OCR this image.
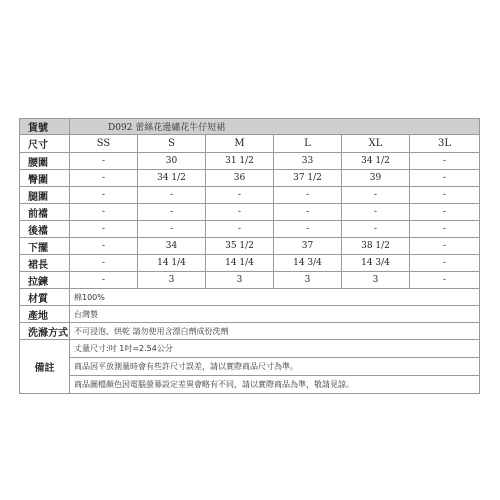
貨號	D092 蕾絲花邊繡花牛仔短裙					
尺寸	SS	S	M	L	XL	3L
腰圍	-	30	31 1/2	33	34 1/2	-
臀圍	-	34 1/2	36	37 1/2	39	-
腿圍	-	-	-	-	-	-
前襠	-	-	-	-	-	-
後襠	-	-	-	-	-	-
下擺	-	34	35 1/2	37	38 1/2	-
裙長	-	14 1/4	14 1/4	14 3/4	14 3/4	-
拉鍊	-	3	3	3	3	-
材質	棉100%					
產地	台灣製					
洗滌方式	不可浸泡、烘乾 請勿使用含漂白劑成份洗劑					
備註	丈量尺寸:吋 1吋=2.54公分
商品因平放測量時會有些許尺寸誤差，請以實際商品尺寸為準。
商品圖檔顏色因電腦螢幕設定差異會略有不同，請以實際商品為準，敬請見諒。					
